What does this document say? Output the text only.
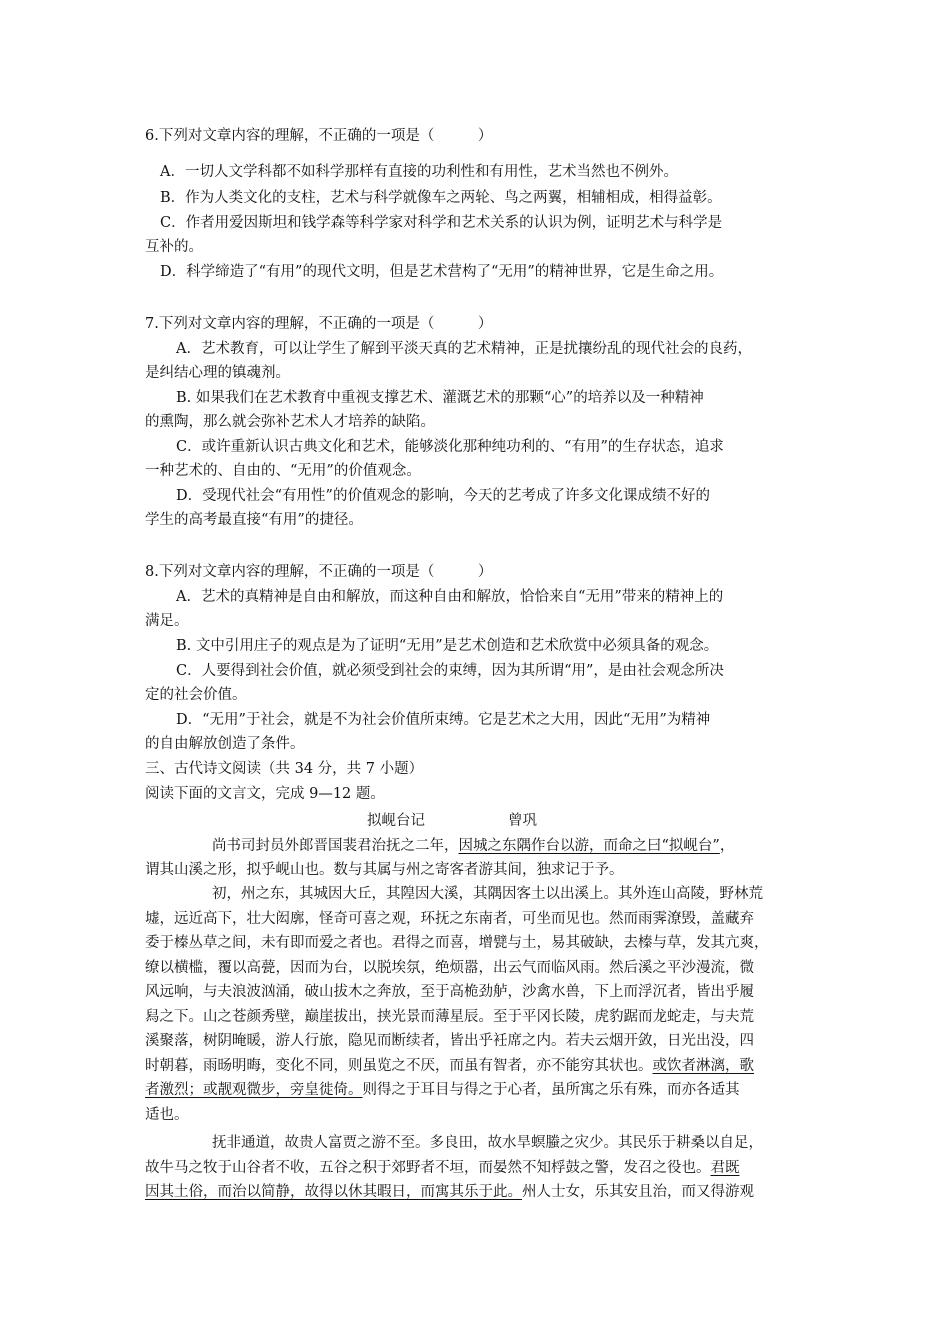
6.下列对文章内容的理解，不正确的一项是（　　　）
A．一切人文学科都不如科学那样有直接的功利性和有用性，艺术当然也不例外。
B．作为人类文化的支柱，艺术与科学就像车之两轮、鸟之两翼，相辅相成，相得益彰。
C．作者用爱因斯坦和钱学森等科学家对科学和艺术关系的认识为例，证明艺术与科学是
互补的。
D．科学缔造了“有用”的现代文明，但是艺术营构了“无用”的精神世界，它是生命之用。
7.下列对文章内容的理解，不正确的一项是（　　　）
A．艺术教育，可以让学生了解到平淡天真的艺术精神，正是扰攘纷乱的现代社会的良药，
是纠结心理的镇魂剂。
B. 如果我们在艺术教育中重视支撑艺术、灌溉艺术的那颗“心”的培养以及一种精神
的熏陶，那么就会弥补艺术人才培养的缺陷。
C．或许重新认识古典文化和艺术，能够淡化那种纯功利的、“有用”的生存状态，追求
一种艺术的、自由的、“无用”的价值观念。
D．受现代社会“有用性”的价值观念的影响，今天的艺考成了许多文化课成绩不好的
学生的高考最直接“有用”的捷径。
8.下列对文章内容的理解，不正确的一项是（　　　）
A．艺术的真精神是自由和解放，而这种自由和解放，恰恰来自“无用”带来的精神上的
满足。
B. 文中引用庄子的观点是为了证明“无用”是艺术创造和艺术欣赏中必须具备的观念。
C．人要得到社会价值，就必须受到社会的束缚，因为其所谓“用”，是由社会观念所决
定的社会价值。
D．“无用”于社会，就是不为社会价值所束缚。它是艺术之大用，因此“无用”为精神
的自由解放创造了条件。
三、古代诗文阅读（共 34 分，共 7 小题）
阅读下面的文言文，完成 9—12 题。
拟岘台记	曾巩
尚书司封员外郎晋国裴君治抚之二年，因城之东隅作台以游，而命之曰“拟岘台”，
谓其山溪之形，拟乎岘山也。数与其属与州之寄客者游其间，独求记于予。
初，州之东，其城因大丘，其隍因大溪，其隅因客土以出溪上。其外连山高陵，野林荒
墟，远近高下，壮大闳廓，怪奇可喜之观，环抚之东南者，可坐而见也。然而雨霁潦毁，盖藏弃
委于榛丛草之间，未有即而爱之者也。君得之而喜，增甓与土，易其破缺，去榛与草，发其亢爽，
缭以横槛，覆以高甍，因而为台，以脱埃氛，绝烦嚣，出云气而临风雨。然后溪之平沙漫流，微
风远响，与夫浪波汹涌，破山拔木之奔放，至于高桅劲舻，沙禽水兽，下上而浮沉者，皆出乎履
舄之下。山之苍颜秀壁，巅崖拔出，挟光景而薄星辰。至于平冈长陵，虎豹踞而龙蛇走，与夫荒
溪聚落，树阴晻暖，游人行旅，隐见而断续者，皆出乎衽席之内。若夫云烟开敛，日光出没，四
时朝暮，雨旸明晦，变化不同，则虽览之不厌，而虽有智者，亦不能穷其状也。或饮者淋漓，歌
者激烈；或靓观微步，旁皇徙倚。则得之于耳目与得之于心者，虽所寓之乐有殊，而亦各适其
适也。
抚非通道，故贵人富贾之游不至。多良田，故水旱螟螣之灾少。其民乐于耕桑以自足，
故牛马之牧于山谷者不收，五谷之积于郊野者不垣，而晏然不知桴鼓之警，发召之役也。君既
因其土俗，而治以简静，故得以休其暇日，而寓其乐于此。州人士女，乐其安且治，而又得游观
